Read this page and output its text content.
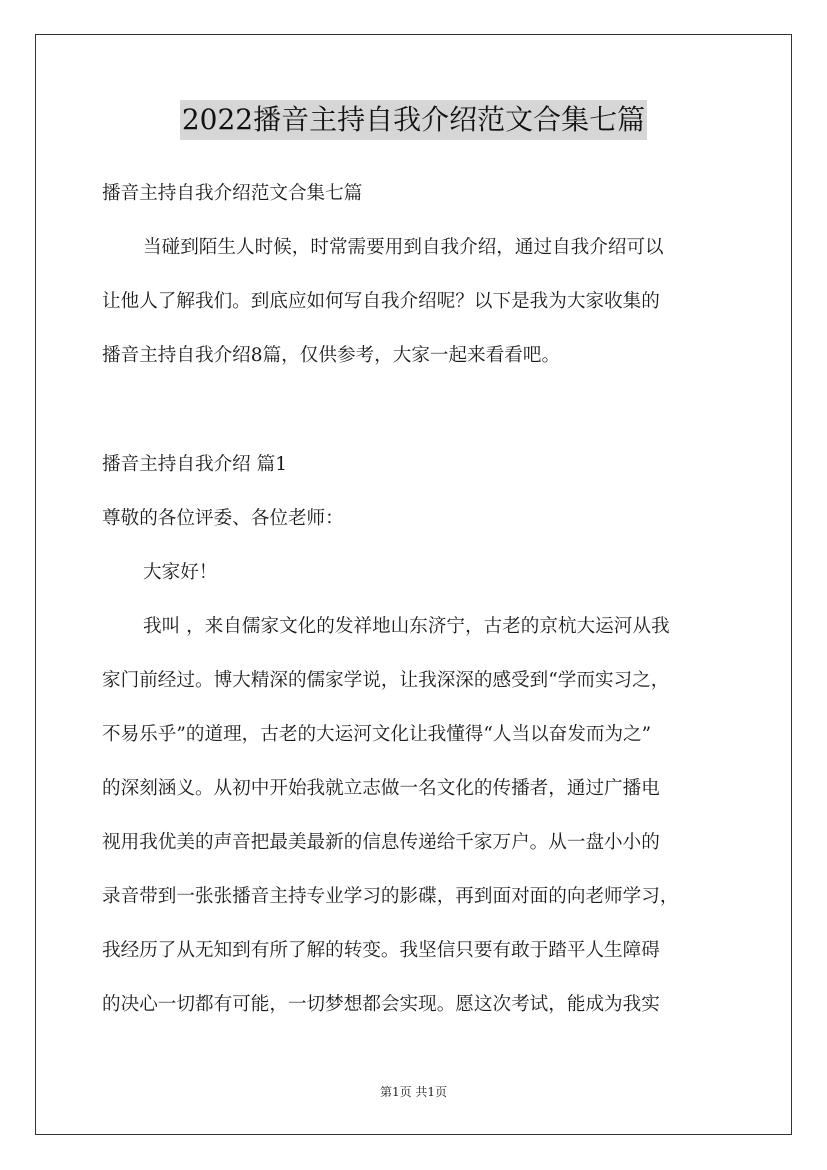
2022播音主持自我介绍范文合集七篇
播音主持自我介绍范文合集七篇
当碰到陌生人时候，时常需要用到自我介绍，通过自我介绍可以
让他人了解我们。到底应如何写自我介绍呢？以下是我为大家收集的
播音主持自我介绍8篇，仅供参考，大家一起来看看吧。
播音主持自我介绍 篇1
尊敬的各位评委、各位老师：
大家好！
我叫 ，来自儒家文化的发祥地山东济宁，古老的京杭大运河从我
家门前经过。博大精深的儒家学说，让我深深的感受到“学而实习之，
不易乐乎”的道理，古老的大运河文化让我懂得“人当以奋发而为之”
的深刻涵义。从初中开始我就立志做一名文化的传播者，通过广播电
视用我优美的声音把最美最新的信息传递给千家万户。从一盘小小的
录音带到一张张播音主持专业学习的影碟，再到面对面的向老师学习，
我经历了从无知到有所了解的转变。我坚信只要有敢于踏平人生障碍
的决心一切都有可能，一切梦想都会实现。愿这次考试，能成为我实
第1页 共1页
